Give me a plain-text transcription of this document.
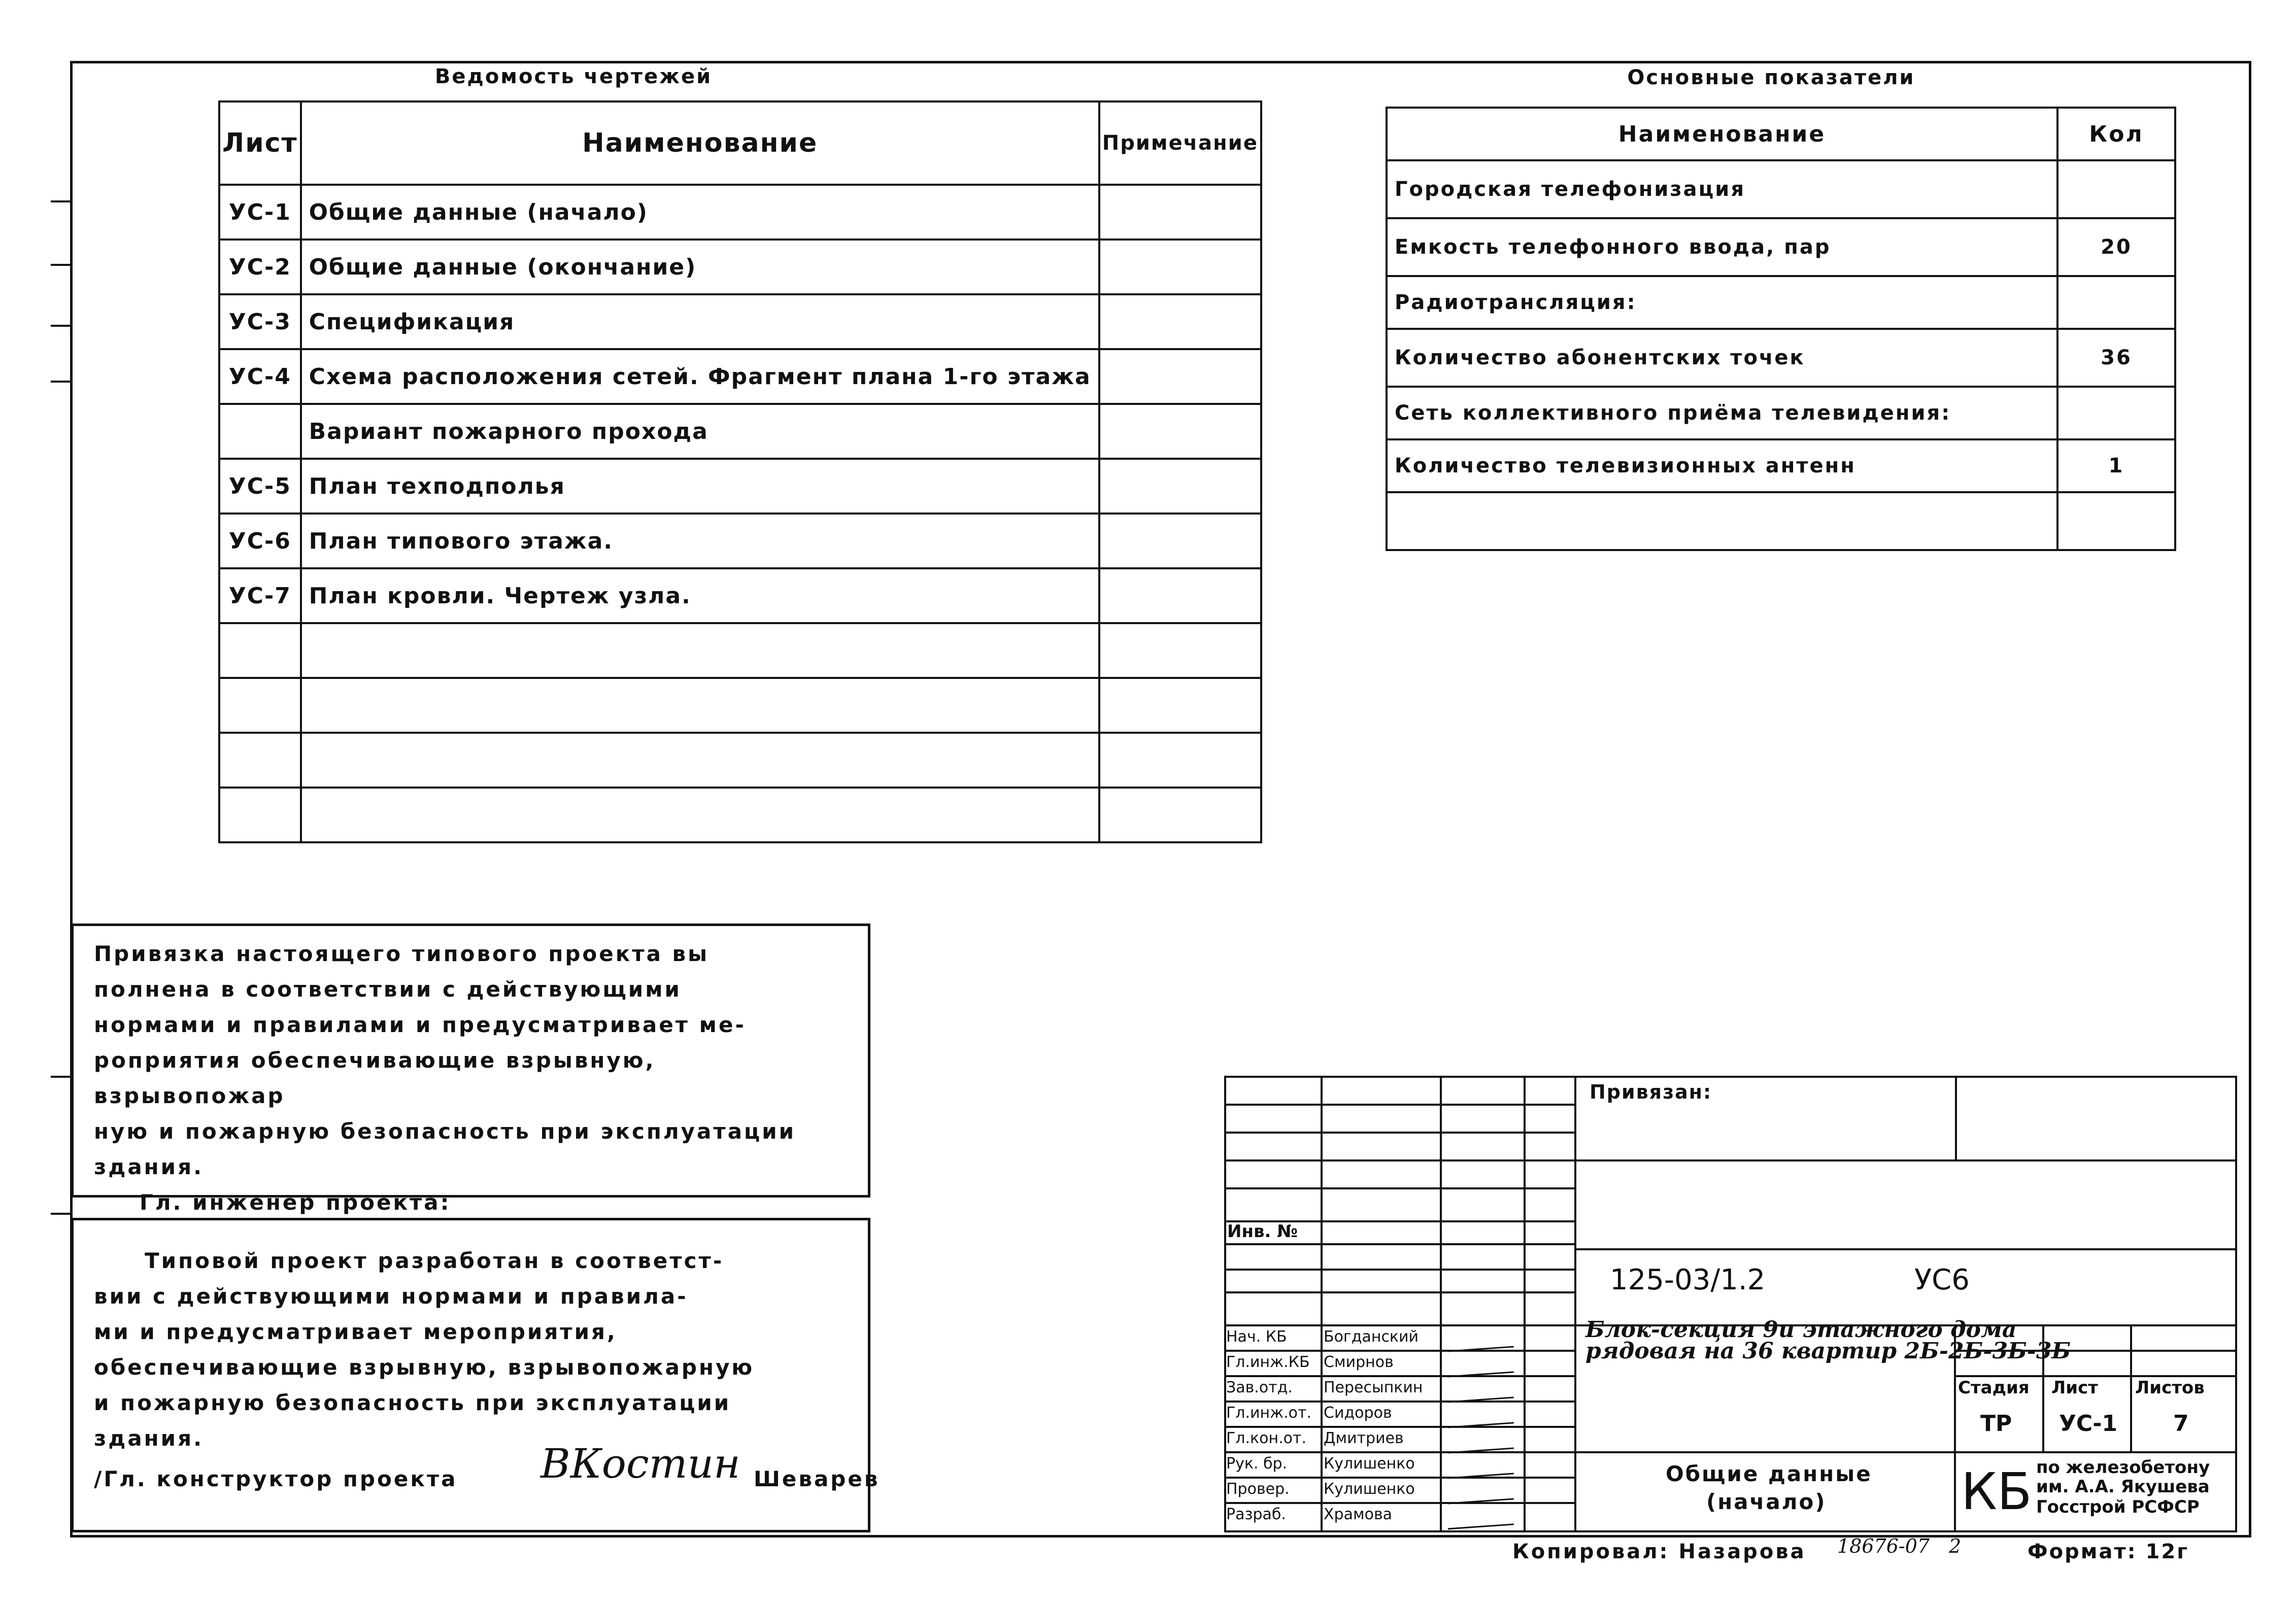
Ведомость чертежей
Лист	Наименование	Примечание
УС-1	Общие данные (начало)	
УС-2	Общие данные (окончание)	
УС-3	Спецификация	
УС-4	Схема расположения сетей. Фрагмент плана 1-го этажа	
	Вариант пожарного прохода	
УС-5	План техподполья	
УС-6	План типового этажа.	
УС-7	План кровли. Чертеж узла.	

Основные показатели
Наименование	Кол
Городская телефонизация	
Емкость телефонного ввода, пар	20
Радиотрансляция:	
Количество абонентских точек	36
Сеть коллективного приёма телевидения:	
Количество телевизионных антенн	1

Привязка настоящего типового проекта вы

полнена в соответствии с действующими

нормами и правилами и предусматривает ме-

роприятия обеспечивающие взрывную, взрывопожар

ную и пожарную безопасность при эксплуатации

здания.

Гл. инженер проекта:

Типовой проект разработан в соответст-

вии с действующими нормами и правила-

ми и предусматривает мероприятия,

обеспечивающие взрывную, взрывопожарную

и пожарную безопасность при эксплуатации

здания.

/Гл. конструктор проекта ВКостин Шеварев

Привязан:
Инв. №
125-03/1.2	УС6
Блок-секция 9и этажного дома
рядовая на 36 квартир 2Б-2Б-3Б-3Б
Стадия Лист Листов
ТР УС-1 7
Общие данные
(начало)	КБ по железобетону
им. А.А. Якушева
Госстрой РСФСР
Нач. КБ Богданский
Гл.инж.КБ Смирнов
Зав.отд. Пересыпкин
Гл.инж.от. Сидоров
Гл.кон.от. Дмитриев
Рук. бр. Кулишенко
Провер. Кулишенко
Разраб. Храмова
Копировал: Назарова 18676-07 2	Формат: 12г
